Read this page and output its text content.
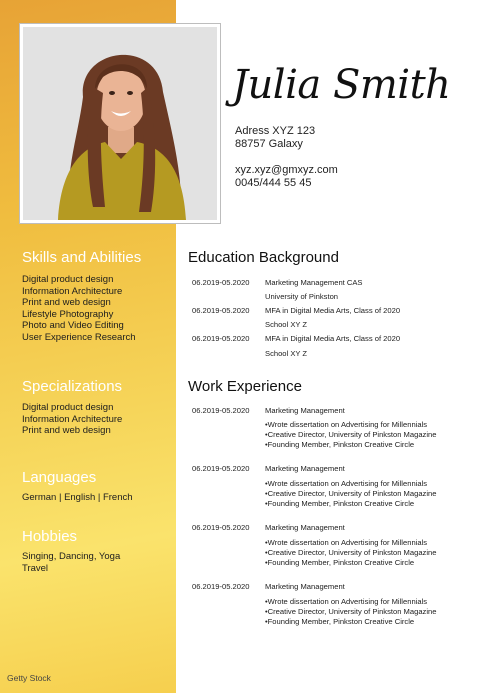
Julia Smith
Adress XYZ 123
88757 Galaxy
xyz.xyz@gmxyz.com
0045/444 55 45
Skills and Abilities
Digital product design
Information Architecture
Print and web design
Lifestyle Photography
Photo and Video Editing
User Experience Research
Specializations
Digital product design
Information Architecture
Print and web design
Languages
German | English | French
Hobbies
Singing, Dancing, Yoga
Travel
Education Background
06.2019-05.2020 Marketing Management CAS
University of Pinkston
06.2019-05.2020 MFA in Digital Media Arts, Class of 2020
School XY Z
06.2019-05.2020 MFA in Digital Media Arts, Class of 2020
School XY Z
Work Experience
06.2019-05.2020 Marketing Management
•Wrote dissertation on Advertising for Millennials
•Creative Director, University of Pinkston Magazine
•Founding Member, Pinkston Creative Circle
06.2019-05.2020 Marketing Management
•Wrote dissertation on Advertising for Millennials
•Creative Director, University of Pinkston Magazine
•Founding Member, Pinkston Creative Circle
06.2019-05.2020 Marketing Management
•Wrote dissertation on Advertising for Millennials
•Creative Director, University of Pinkston Magazine
•Founding Member, Pinkston Creative Circle
06.2019-05.2020 Marketing Management
•Wrote dissertation on Advertising for Millennials
•Creative Director, University of Pinkston Magazine
•Founding Member, Pinkston Creative Circle
Getty Stock
